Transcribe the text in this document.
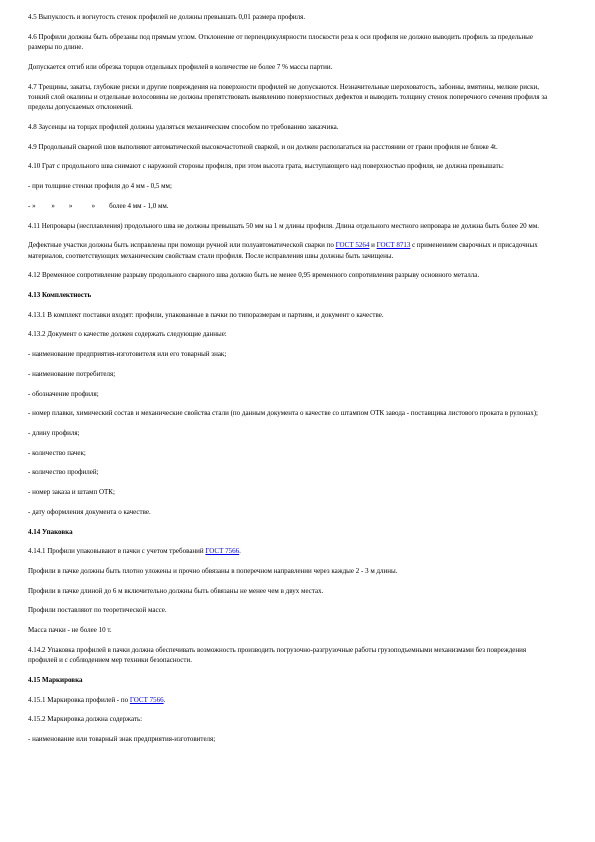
4.5 Выпуклость и вогнутость стенок профилей не должны превышать 0,01 размера профиля.

4.6 Профили должны быть обрезаны под прямым углом. Отклонение от перпендикулярности плоскости реза к оси профиля не должно выводить профиль за предельные размеры по длине.

Допускается отгиб или обрезка торцов отдельных профилей в количестве не более 7 % массы партии.

4.7 Трещины, закаты, глубокие риски и другие повреждения на поверхности профилей не допускаются. Незначительные шероховатость, забоины, вмятины, мелкие риски, тонкий слой окалины и отдельные волосовины не должны препятствовать выявлению поверхностных дефектов и выводить толщину стенок поперечного сечения профиля за пределы допускаемых отклонений.

4.8 Заусенцы на торцах профилей должны удаляться механическим способом по требованию заказчика.

4.9 Продольный сварной шов выполняют автоматической высокочастотной сваркой, и он должен располагаться на расстоянии от грани профиля не ближе 4t.

4.10 Грат с продольного шва снимают с наружной стороны профиля, при этом высота грата, выступающего над поверхностью профиля, не должна превышать:

- при толщине стенки профиля до 4 мм - 0,5 мм;

- »         »        »           »        более 4 мм - 1,0 мм.

4.11 Непровары (несплавления) продольного шва не должны превышать 50 мм на 1 м длины профиля. Длина отдельного местного непровара не должна быть более 20 мм.

Дефектные участки должны быть исправлены при помощи ручной или полуавтоматической сварки по ГОСТ 5264 и ГОСТ 8713 с применением сварочных и присадочных материалов, соответствующих механическим свойствам стали профиля. После исправления швы должны быть зачищены.

4.12 Временное сопротивление разрыву продольного сварного шва должно быть не менее 0,95 временного сопротивления разрыву основного металла.

4.13 Комплектность

4.13.1 В комплект поставки входят: профили, упакованные в пачки по типоразмерам и партиям, и документ о качестве.

4.13.2 Документ о качестве должен содержать следующие данные:

- наименование предприятия-изготовителя или его товарный знак;

- наименование потребителя;

- обозначение профиля;

- номер плавки, химический состав и механические свойства стали (по данным документа о качестве со штампом ОТК завода - поставщика листового проката в рулонах);

- длину профиля;

- количество пачек;

- количество профилей;

- номер заказа и штамп ОТК;

- дату оформления документа о качестве.

4.14 Упаковка

4.14.1 Профили упаковывают в пачки с учетом требований ГОСТ 7566.

Профили в пачке должны быть плотно уложены и прочно обвязаны в поперечном направлении через каждые 2 - 3 м длины.

Профили в пачке длиной до 6 м включительно должны быть обвязаны не менее чем в двух местах.

Профили поставляют по теоретической массе.

Масса пачки - не более 10 т.

4.14.2 Упаковка профилей в пачки должна обеспечивать возможность производить погрузочно-разгрузочные работы грузоподъемными механизмами без повреждения профилей и с соблюдением мер техники безопасности.

4.15 Маркировка

4.15.1 Маркировка профилей - по ГОСТ 7566.

4.15.2 Маркировка должна содержать:

- наименование или товарный знак предприятия-изготовителя;
